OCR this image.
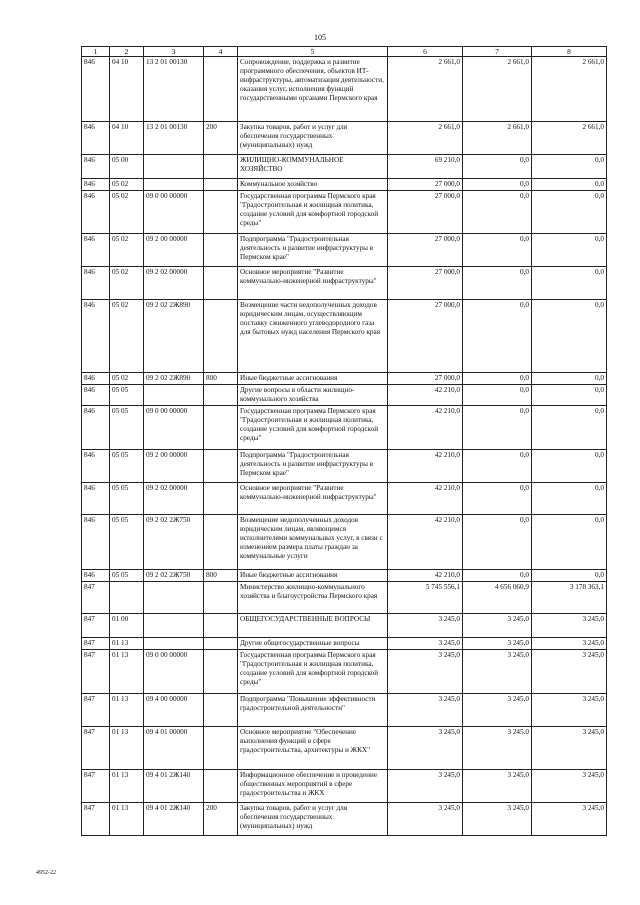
105
1	2	3	4	5	6	7	8
846	04 10	13 2 01 00130		Сопровождение, поддержка и развитие программного обеспечения, объектов ИТ-инфраструктуры, автоматизация деятельности, оказания услуг, исполнения функций государственными органами Пермского края	2 661,0	2 661,0	2 661,0
846	04 10	13 2 01 00130	200	Закупка товаров, работ и услуг для обеспечения государственных (муниципальных) нужд	2 661,0	2 661,0	2 661,0
846	05 00			ЖИЛИЩНО-КОММУНАЛЬНОЕ ХОЗЯЙСТВО	69 210,0	0,0	0,0
846	05 02			Коммунальное хозяйство	27 000,0	0,0	0,0
846	05 02	09 0 00 00000		Государственная программа Пермского края "Градостроительная и жилищная политика, создание условий для комфортной городской среды"	27 000,0	0,0	0,0
846	05 02	09 2 00 00000		Подпрограмма "Градостроительная деятельность и развитие инфраструктуры в Пермском крае"	27 000,0	0,0	0,0
846	05 02	09 2 02 00000		Основное мероприятие "Развитие коммунально-инженерной инфраструктуры"	27 000,0	0,0	0,0
846	05 02	09 2 02 2Ж890		Возмещение части недополученных доходов юридическим лицам, осуществляющим поставку сжиженного углеводородного газа для бытовых нужд населения Пермского края	27 000,0	0,0	0,0
846	05 02	09 2 02 2Ж890	800	Иные бюджетные ассигнования	27 000,0	0,0	0,0
846	05 05			Другие вопросы в области жилищно-коммунального хозяйства	42 210,0	0,0	0,0
846	05 05	09 0 00 00000		Государственная программа Пермского края "Градостроительная и жилищная политика, создание условий для комфортной городской среды"	42 210,0	0,0	0,0
846	05 05	09 2 00 00000		Подпрограмма "Градостроительная деятельность и развитие инфраструктуры в Пермском крае"	42 210,0	0,0	0,0
846	05 05	09 2 02 00000		Основное мероприятие "Развитие коммунально-инженерной инфраструктуры"	42 210,0	0,0	0,0
846	05 05	09 2 02 2Ж750		Возмещение недополученных доходов юридическим лицам, являющимся исполнителями коммунальных услуг, в связи с изменением размера платы граждан за коммунальные услуги	42 210,0	0,0	0,0
846	05 05	09 2 02 2Ж750	800	Иные бюджетные ассигнования	42 210,0	0,0	0,0
847				Министерство жилищно-коммунального хозяйства и благоустройства Пермского края	5 745 556,1	4 656 060,9	3 178 363,1
847	01 00			ОБЩЕГОСУДАРСТВЕННЫЕ ВОПРОСЫ	3 245,0	3 245,0	3 245,0
847	01 13			Другие общегосударственные вопросы	3 245,0	3 245,0	3 245,0
847	01 13	09 0 00 00000		Государственная программа Пермского края "Градостроительная и жилищная политика, создание условий для комфортной городской среды"	3 245,0	3 245,0	3 245,0
847	01 13	09 4 00 00000		Подпрограмма "Повышение эффективности градостроительной деятельности"	3 245,0	3 245,0	3 245,0
847	01 13	09 4 01 00000		Основное мероприятие "Обеспечение выполнения функций в сфере градостроительства, архитектуры и ЖКХ"	3 245,0	3 245,0	3 245,0
847	01 13	09 4 01 2Ж140		Информационное обеспечение и проведение общественных мероприятий в сфере градостроительства и ЖКХ	3 245,0	3 245,0	3 245,0
847	01 13	09 4 01 2Ж140	200	Закупка товаров, работ и услуг для обеспечения государственных (муниципальных) нужд	3 245,0	3 245,0	3 245,0
4952-22
